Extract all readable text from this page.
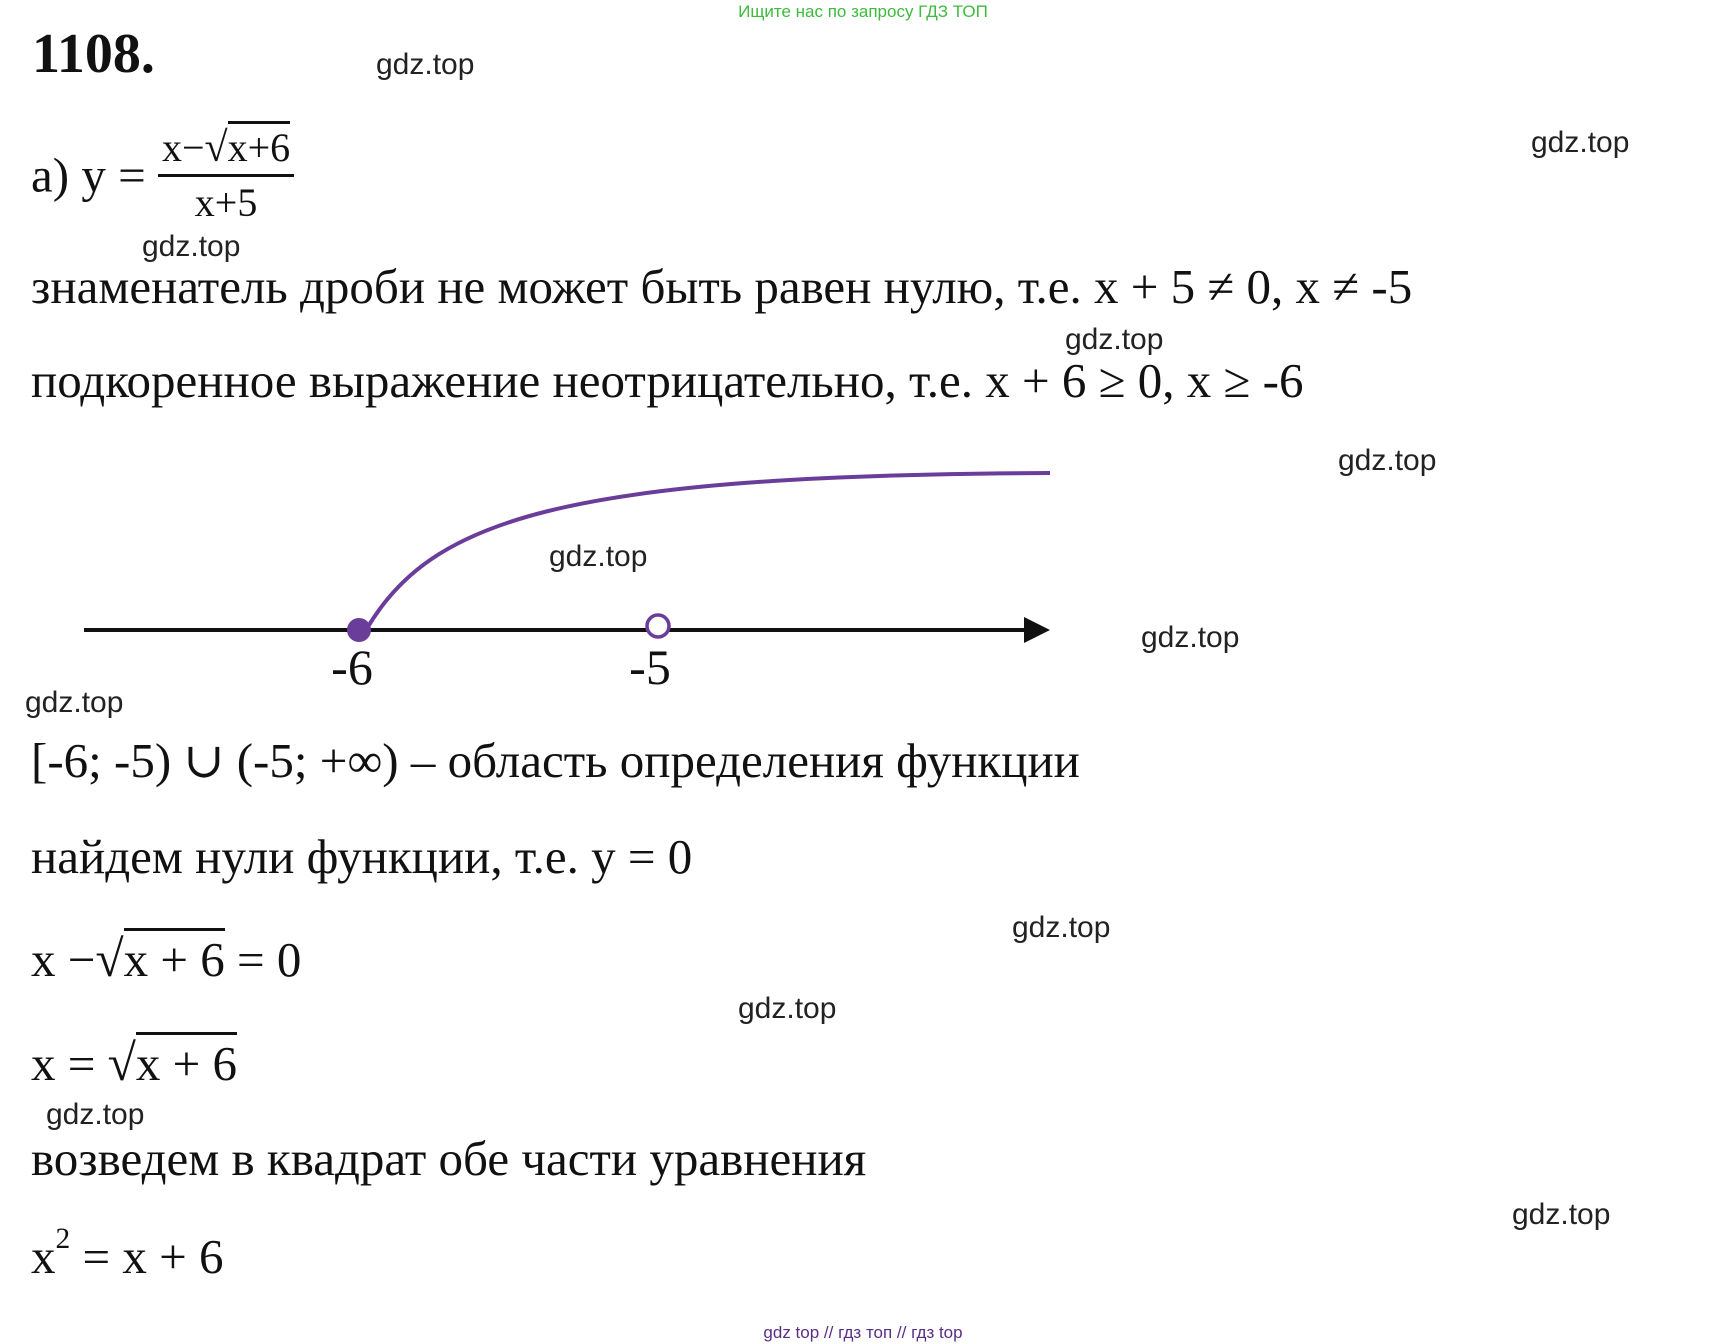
Ищите нас по запросу ГДЗ ТОП
1108.	gdz.top
gdz.top
gdz.top
gdz.top
gdz.top
gdz.top
gdz.top
gdz.top
gdz.top
gdz.top
gdz.top
gdz.top
а) $y = \frac{x-√x+6}{x+5}$
знаменатель дроби не может быть равен нулю, т.е. x + 5 ≠ 0, x ≠ -5
подкоренное выражение неотрицательно, т.е. x + 6 ≥ 0, x ≥ -6
-6	-5
[-6; -5) ∪ (-5; +∞) – область определения функции
найдем нули функции, т.е. y = 0
x −√x + 6 = 0
x = √x + 6
возведем в квадрат обе части уравнения
$x^2 = x + 6$
gdz top // гдз топ // гдз top
